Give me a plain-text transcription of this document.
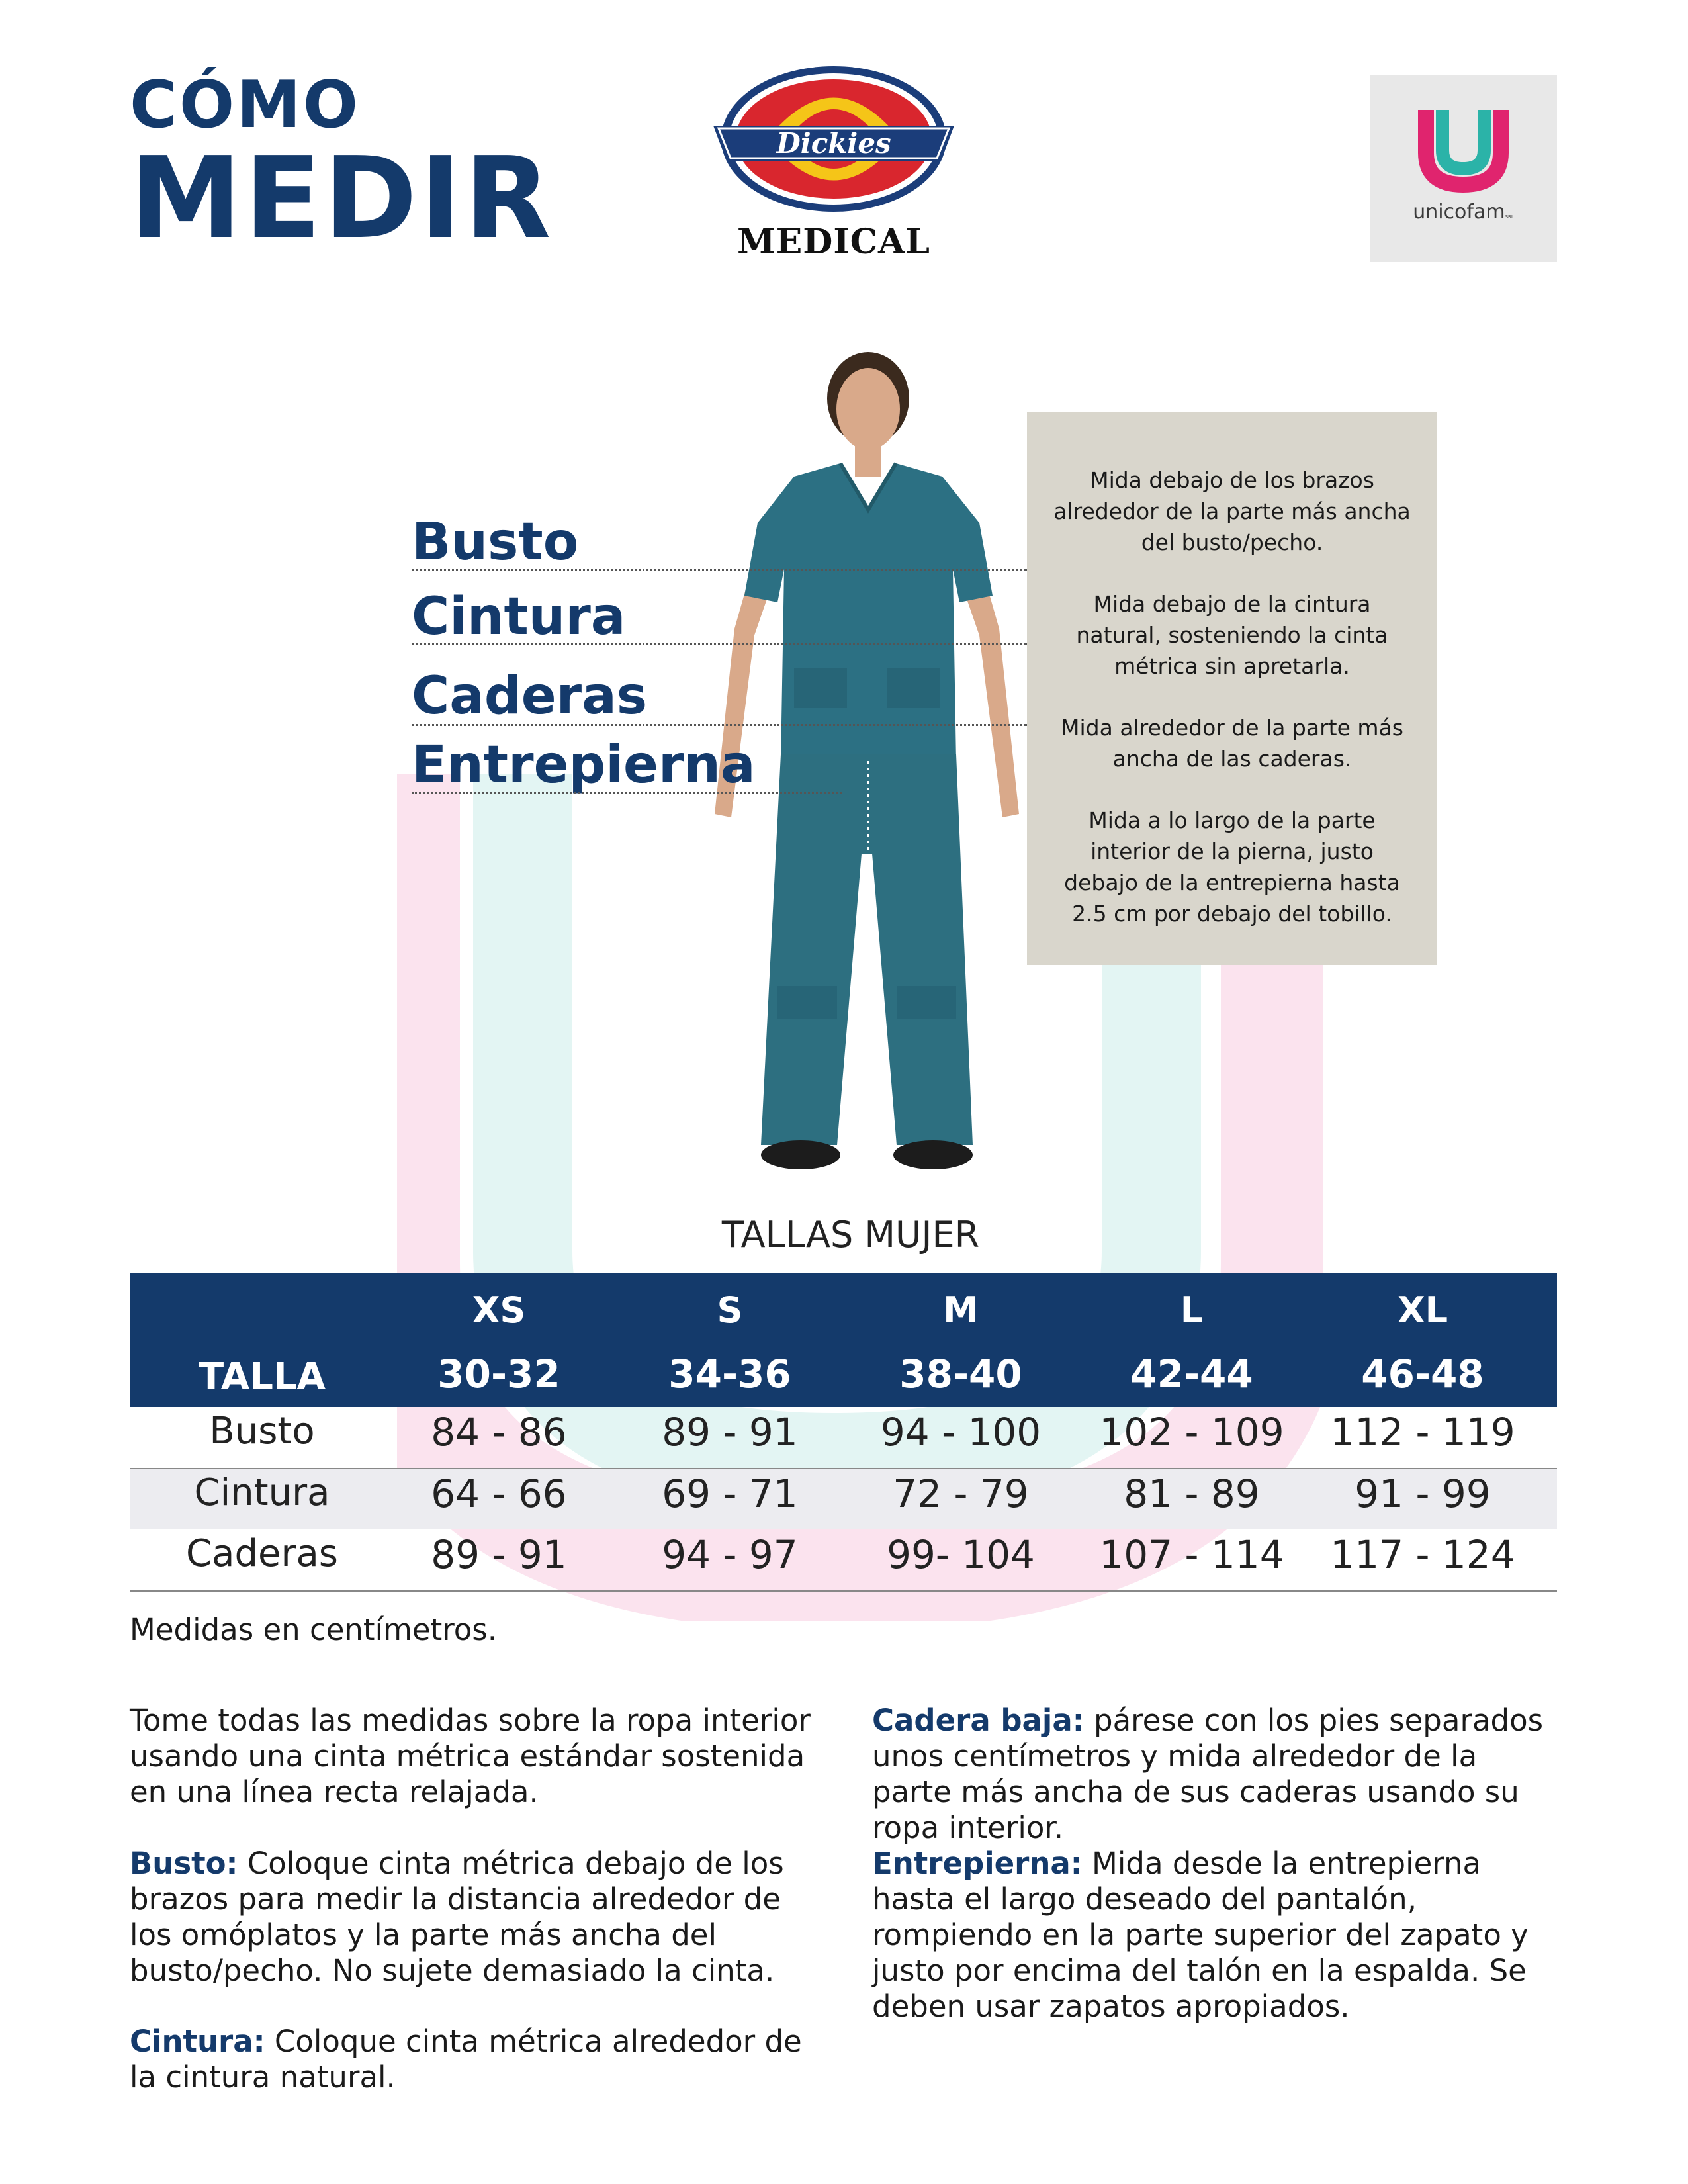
CÓMO
MEDIR	Dickies
MEDICAL
unicofamSRL
Busto
Cintura
Caderas
Entrepierna
Mida debajo de los brazos alrededor de la parte más ancha del busto/pecho.
Mida debajo de la cintura natural, sosteniendo la cinta métrica sin apretarla.
Mida alrededor de la parte más ancha de las caderas.
Mida a lo largo de la parte interior de la pierna, justo debajo de la entrepierna hasta 2.5 cm por debajo del tobillo.
TALLAS MUJER
TALLA
XS	S	M	L	XL
30-32	34-36	38-40	42-44	46-48
Busto	84 - 86	89 - 91	94 - 100	102 - 109	112 - 119
Cintura	64 - 66	69 - 71	72 - 79	81 - 89	91 - 99
Caderas	89 - 91	94 - 97	99- 104	107 - 114	117 - 124
Medidas en centímetros.
Tome todas las medidas sobre la ropa interior usando una cinta métrica estándar sostenida en una línea recta relajada.
Busto: Coloque cinta métrica debajo de los brazos para medir la distancia alrededor de los omóplatos y la parte más ancha del busto/pecho. No sujete demasiado la cinta.
Cintura: Coloque cinta métrica alrededor de la cintura natural.
Cadera baja: párese con los pies separados unos centímetros y mida alrededor de la parte más ancha de sus caderas usando su ropa interior.
Entrepierna: Mida desde la entrepierna hasta el largo deseado del pantalón, rompiendo en la parte superior del zapato y justo por encima del talón en la espalda. Se deben usar zapatos apropiados.
